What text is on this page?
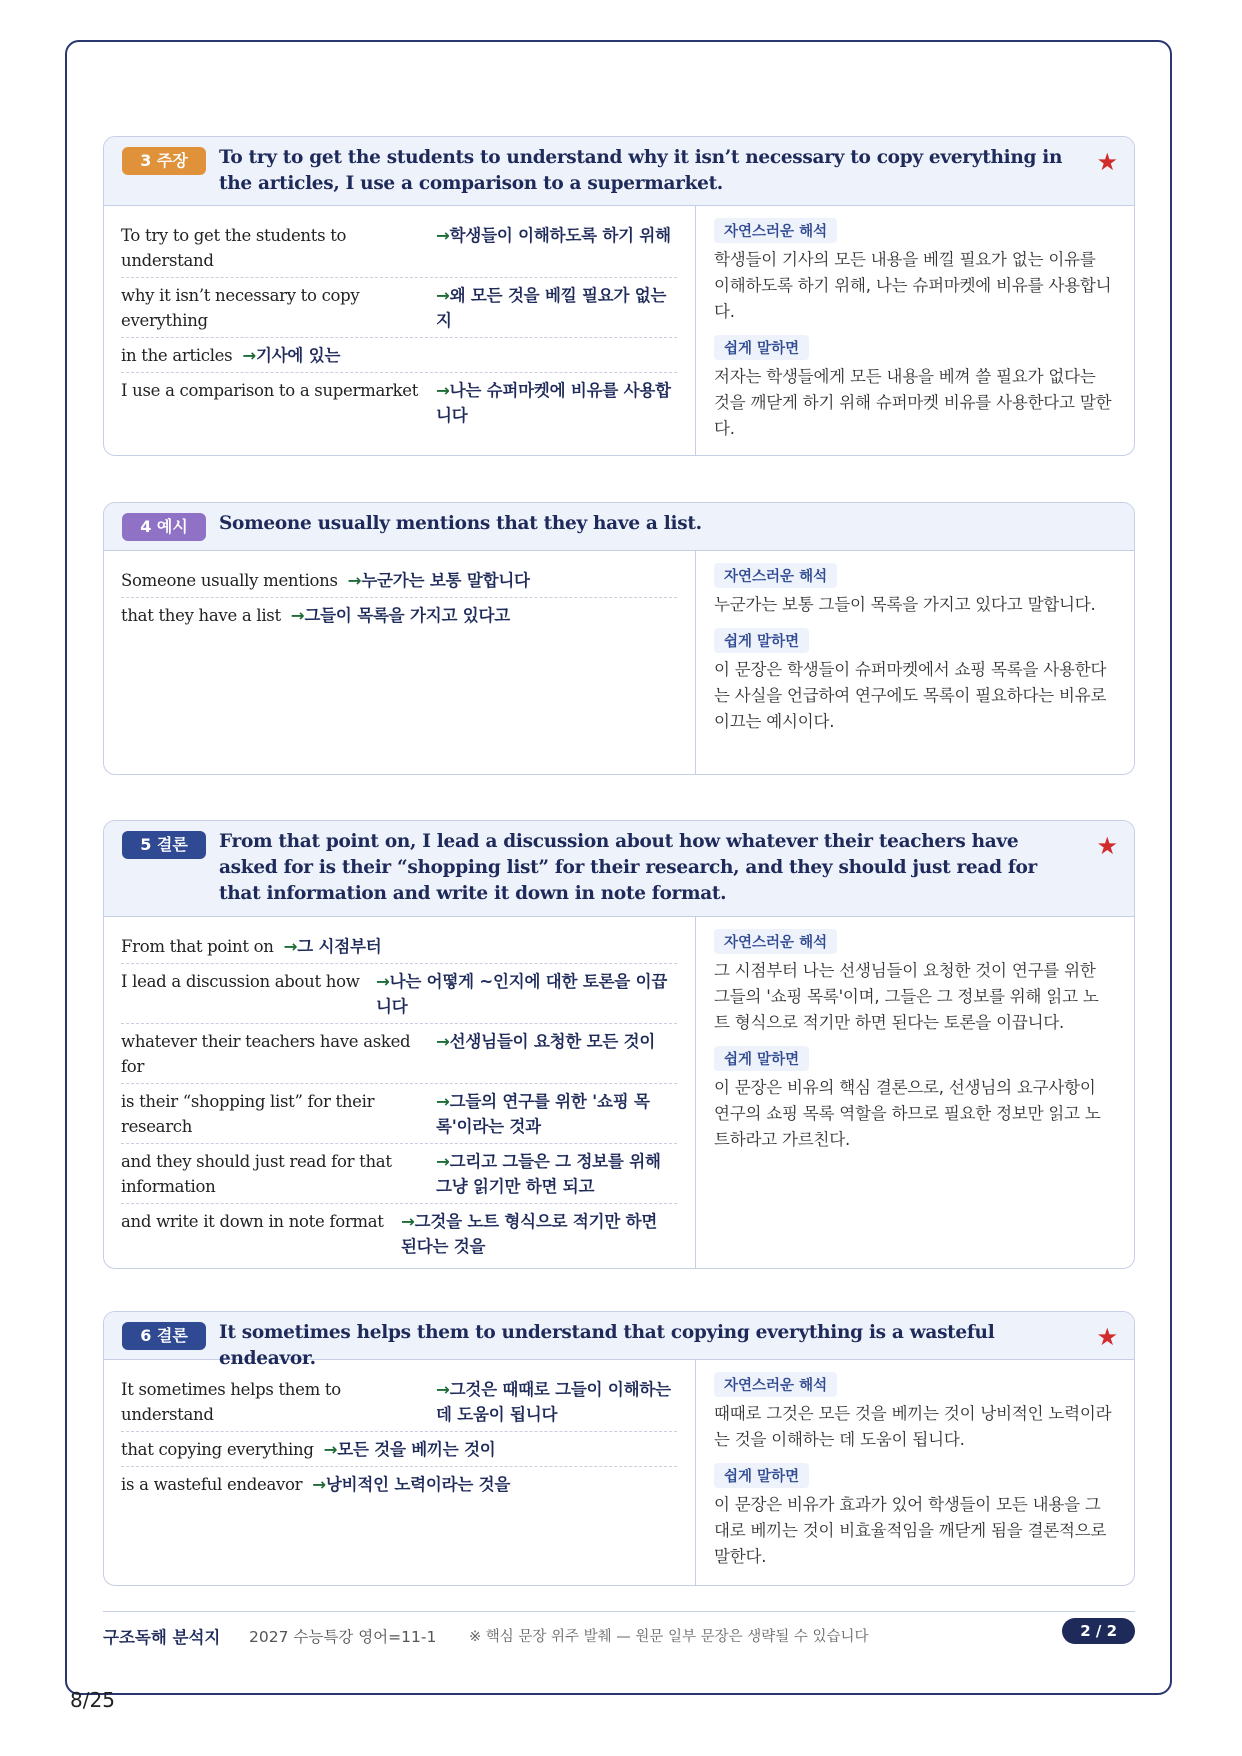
3 주장	To try to get the students to understand why it isn’t necessary to copy everything in the articles, I use a comparison to a supermarket.
★
To try to get the students to understand
→학생들이 이해하도록 하기 위해
why it isn’t necessary to copy everything
→왜 모든 것을 베낄 필요가 없는지
in the articles →기사에 있는
I use a comparison to a supermarket	→나는 슈퍼마켓에 비유를 사용합니다
자연스러운 해석
학생들이 기사의 모든 내용을 베낄 필요가 없는 이유를 이해하도록 하기 위해, 나는 슈퍼마켓에 비유를 사용합니다.
쉽게 말하면
저자는 학생들에게 모든 내용을 베껴 쓸 필요가 없다는 것을 깨닫게 하기 위해 슈퍼마켓 비유를 사용한다고 말한다.
4 예시	Someone usually mentions that they have a list.
Someone usually mentions →누군가는 보통 말합니다
that they have a list →그들이 목록을 가지고 있다고
자연스러운 해석
누군가는 보통 그들이 목록을 가지고 있다고 말합니다.
쉽게 말하면
이 문장은 학생들이 슈퍼마켓에서 쇼핑 목록을 사용한다는 사실을 언급하여 연구에도 목록이 필요하다는 비유로 이끄는 예시이다.
5 결론	From that point on, I lead a discussion about how whatever their teachers have asked for is their “shopping list” for their research, and they should just read for that information and write it down in note format.
★
From that point on →그 시점부터
I lead a discussion about how →나는 어떻게 ~인지에 대한 토론을 이끕니다
whatever their teachers have asked for
→선생님들이 요청한 모든 것이
is their “shopping list” for their research
→그들의 연구를 위한 '쇼핑 목록'이라는 것과
and they should just read for that information
→그리고 그들은 그 정보를 위해 그냥 읽기만 하면 되고
and write it down in note format	→그것을 노트 형식으로 적기만 하면 된다는 것을
자연스러운 해석
그 시점부터 나는 선생님들이 요청한 것이 연구를 위한 그들의 '쇼핑 목록'이며, 그들은 그 정보를 위해 읽고 노트 형식으로 적기만 하면 된다는 토론을 이끕니다.
쉽게 말하면
이 문장은 비유의 핵심 결론으로, 선생님의 요구사항이 연구의 쇼핑 목록 역할을 하므로 필요한 정보만 읽고 노트하라고 가르친다.
6 결론	It sometimes helps them to understand that copying everything is a wasteful endeavor.
★
It sometimes helps them to understand
→그것은 때때로 그들이 이해하는 데 도움이 됩니다
that copying everything →모든 것을 베끼는 것이
is a wasteful endeavor →낭비적인 노력이라는 것을
자연스러운 해석
때때로 그것은 모든 것을 베끼는 것이 낭비적인 노력이라는 것을 이해하는 데 도움이 됩니다.
쉽게 말하면
이 문장은 비유가 효과가 있어 학생들이 모든 내용을 그대로 베끼는 것이 비효율적임을 깨닫게 됨을 결론적으로 말한다.
구조독해 분석지 2027 수능특강 영어=11-1 ※ 핵심 문장 위주 발췌 — 원문 일부 문장은 생략될 수 있습니다	2 / 2
8/25
